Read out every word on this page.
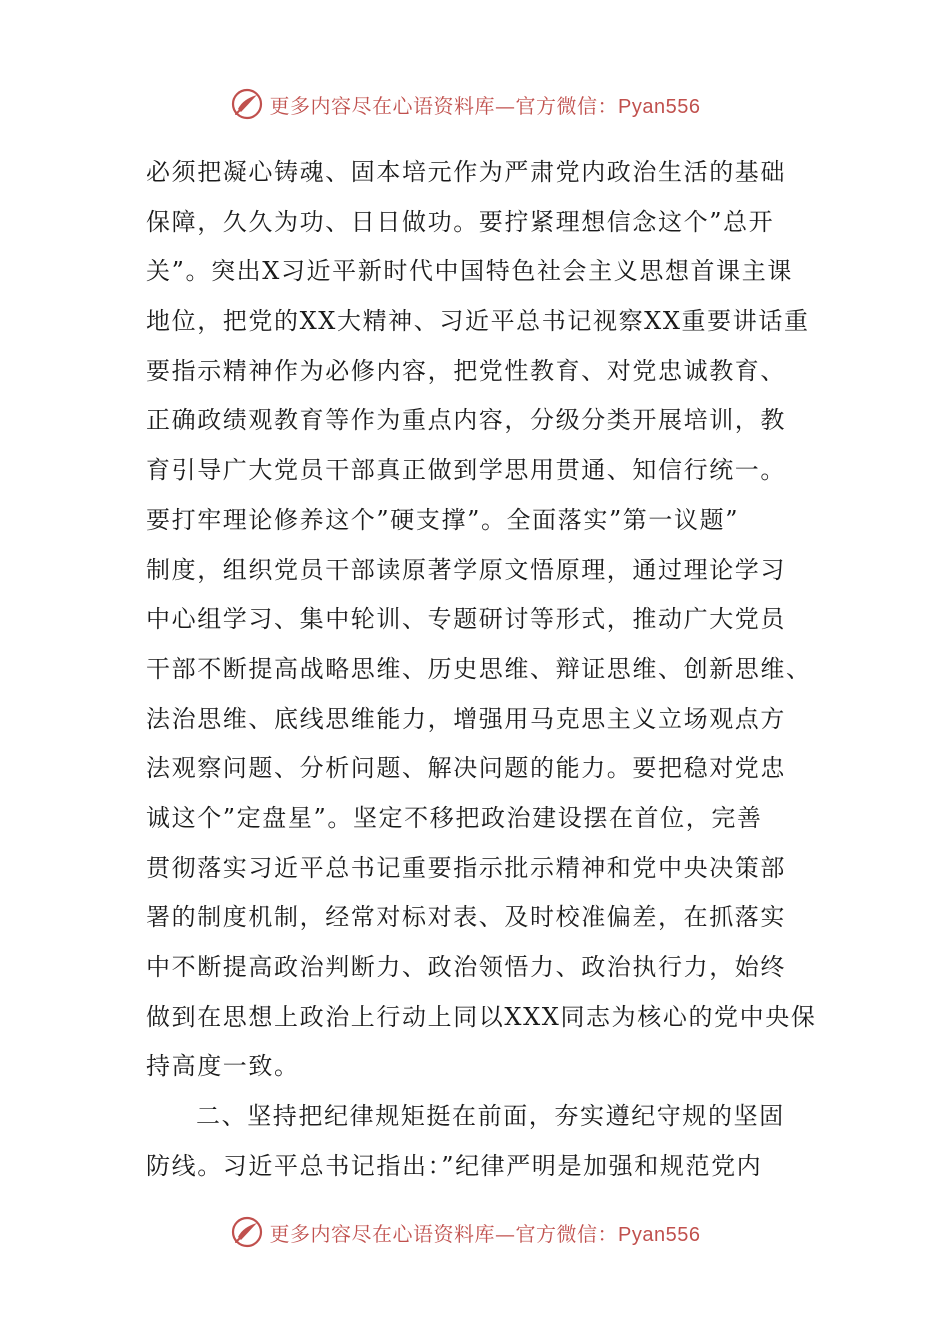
更多内容尽在心语资料库—官方微信：Pyan556
必须把凝心铸魂、固本培元作为严肃党内政治生活的基础
保障，久久为功、日日做功。要拧紧理想信念这个”总开
关”。突出X习近平新时代中国特色社会主义思想首课主课
地位，把党的XX大精神、习近平总书记视察XX重要讲话重
要指示精神作为必修内容，把党性教育、对党忠诚教育、
正确政绩观教育等作为重点内容，分级分类开展培训，教
育引导广大党员干部真正做到学思用贯通、知信行统一。
要打牢理论修养这个”硬支撑”。全面落实”第一议题”
制度，组织党员干部读原著学原文悟原理，通过理论学习
中心组学习、集中轮训、专题研讨等形式，推动广大党员
干部不断提高战略思维、历史思维、辩证思维、创新思维、
法治思维、底线思维能力，增强用马克思主义立场观点方
法观察问题、分析问题、解决问题的能力。要把稳对党忠
诚这个”定盘星”。坚定不移把政治建设摆在首位，完善
贯彻落实习近平总书记重要指示批示精神和党中央决策部
署的制度机制，经常对标对表、及时校准偏差，在抓落实
中不断提高政治判断力、政治领悟力、政治执行力，始终
做到在思想上政治上行动上同以XXX同志为核心的党中央保
持高度一致。
二、坚持把纪律规矩挺在前面，夯实遵纪守规的坚固
防线。习近平总书记指出：”纪律严明是加强和规范党内
更多内容尽在心语资料库—官方微信：Pyan556
